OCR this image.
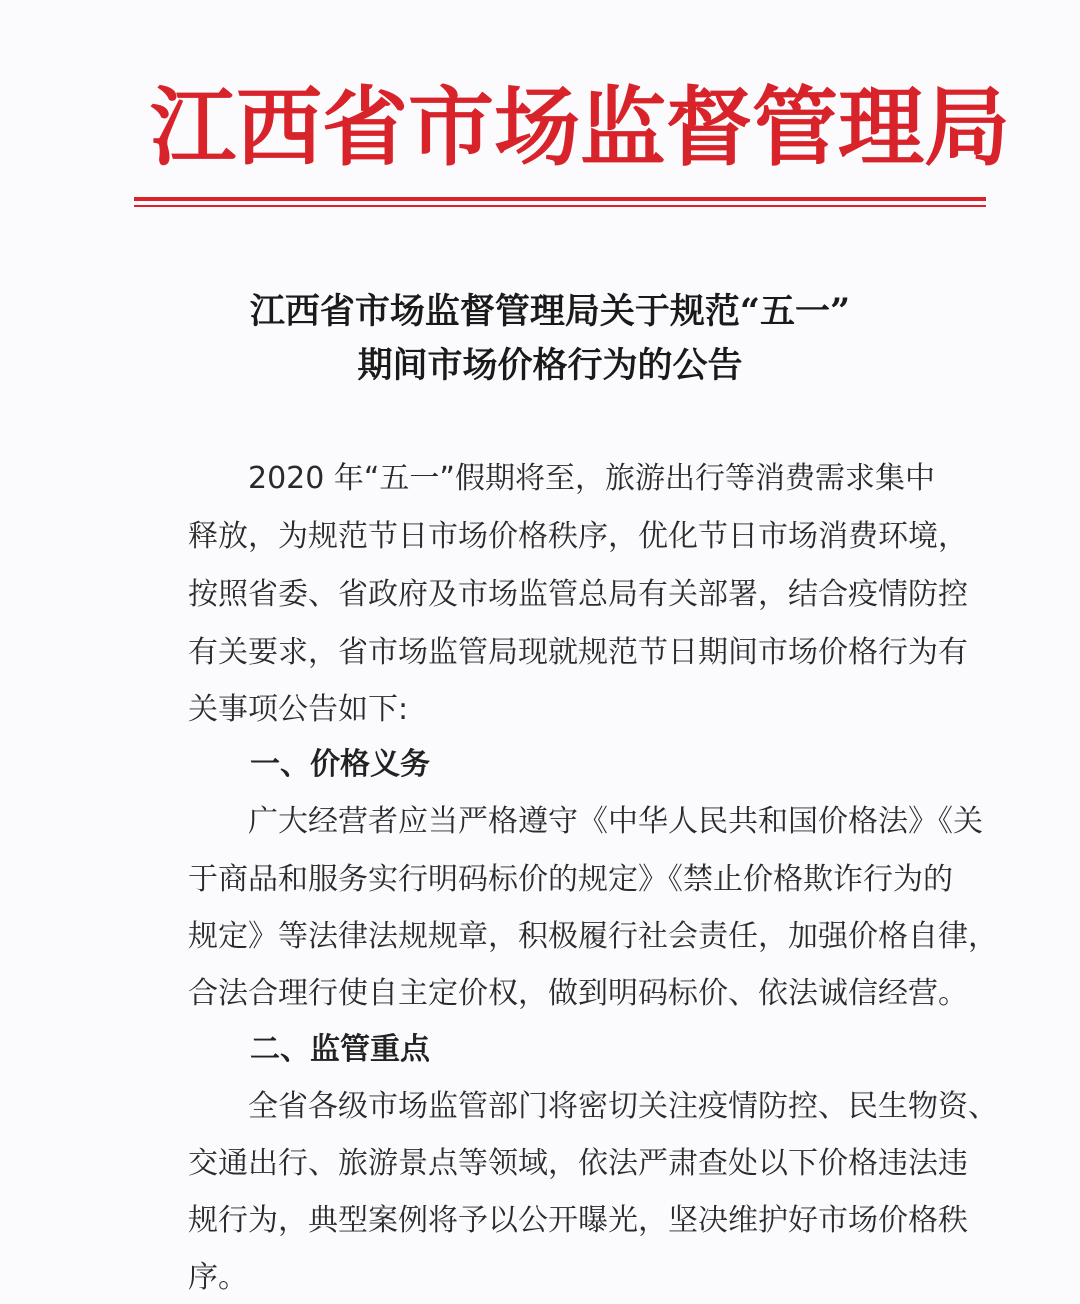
江西省市场监督管理局
江西省市场监督管理局关于规范“五一”
期间市场价格行为的公告
　　2020 年“五一”假期将至，旅游出行等消费需求集中
释放，为规范节日市场价格秩序，优化节日市场消费环境，
按照省委、省政府及市场监管总局有关部署，结合疫情防控
有关要求，省市场监管局现就规范节日期间市场价格行为有
关事项公告如下:
一、价格义务
　　广大经营者应当严格遵守《中华人民共和国价格法》《关
于商品和服务实行明码标价的规定》《禁止价格欺诈行为的
规定》等法律法规规章，积极履行社会责任，加强价格自律，
合法合理行使自主定价权，做到明码标价、依法诚信经营。
二、监管重点
　　全省各级市场监管部门将密切关注疫情防控、民生物资、
交通出行、旅游景点等领域，依法严肃查处以下价格违法违
规行为，典型案例将予以公开曝光，坚决维护好市场价格秩
序。
